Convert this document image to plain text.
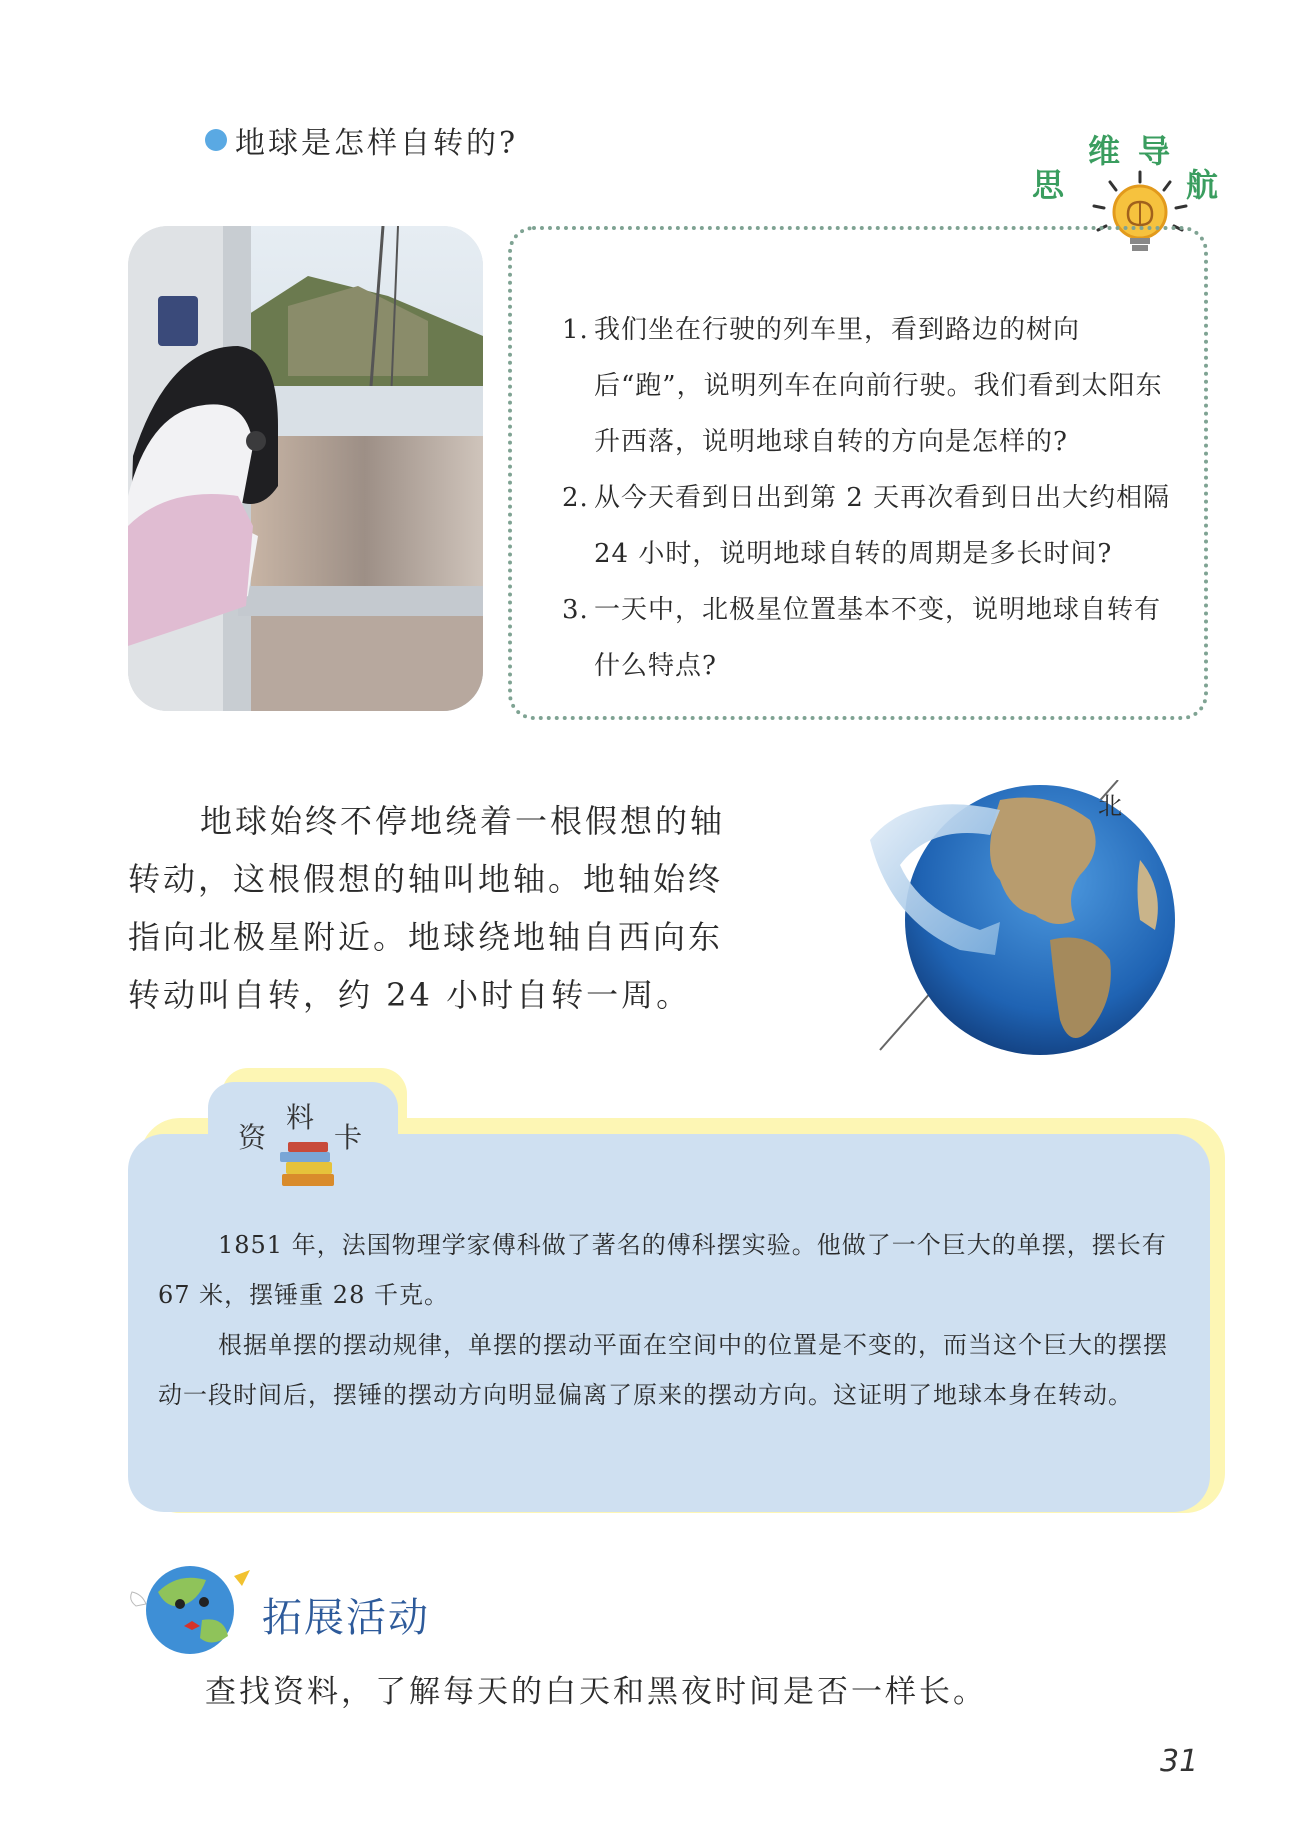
地球是怎样自转的?
思
维 导
航
1. 我们坐在行驶的列车里，看到路边的树向后“跑”，说明列车在向前行驶。我们看到太阳东升西落，说明地球自转的方向是怎样的?
2. 从今天看到日出到第 2 天再次看到日出大约相隔 24 小时，说明地球自转的周期是多长时间?
3. 一天中，北极星位置基本不变，说明地球自转有什么特点?

地球始终不停地绕着一根假想的轴转动，这根假想的轴叫地轴。地轴始终指向北极星附近。地球绕地轴自西向东转动叫自转，约 24 小时自转一周。

北
资
料
卡

1851 年，法国物理学家傅科做了著名的傅科摆实验。他做了一个巨大的单摆，摆长有 67 米，摆锤重 28 千克。

根据单摆的摆动规律，单摆的摆动平面在空间中的位置是不变的，而当这个巨大的摆摆动一段时间后，摆锤的摆动方向明显偏离了原来的摆动方向。这证明了地球本身在转动。

拓展活动
查找资料，了解每天的白天和黑夜时间是否一样长。
31
